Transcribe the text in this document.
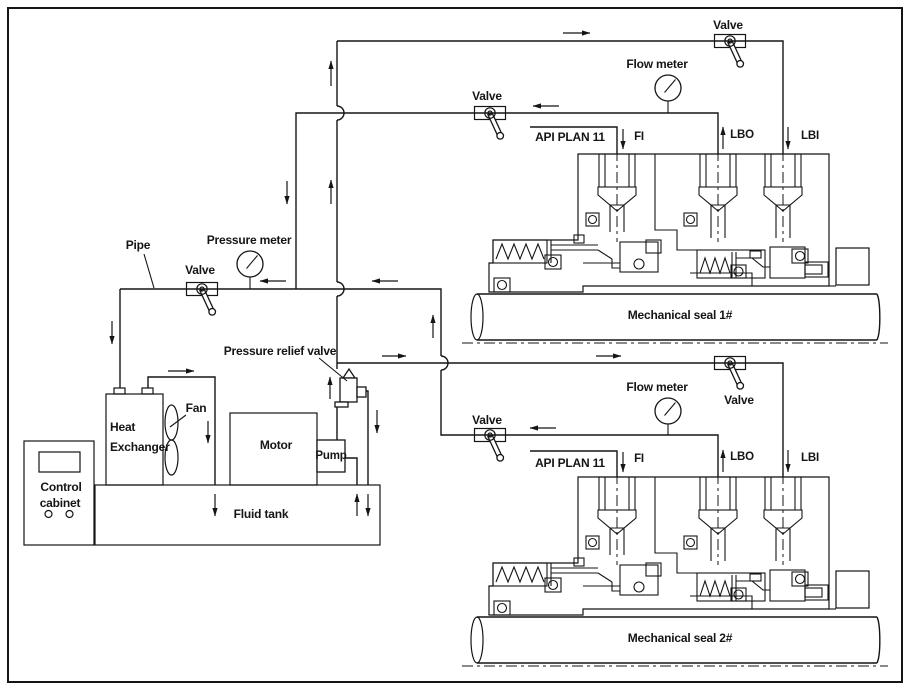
Mechanical seal 1#
Mechanical seal 2#
Pipe
Valve
Pressure meter
Pressure relief valve
Valve
Valve
Valve
Valve
Flow meter
Flow meter
API PLAN 11
API PLAN 11
FI	LBO	LBI
FI	LBO	LBI
Fan
Heat
Exchanger	Motor
Pump
Control
cabinet
Fluid tank
